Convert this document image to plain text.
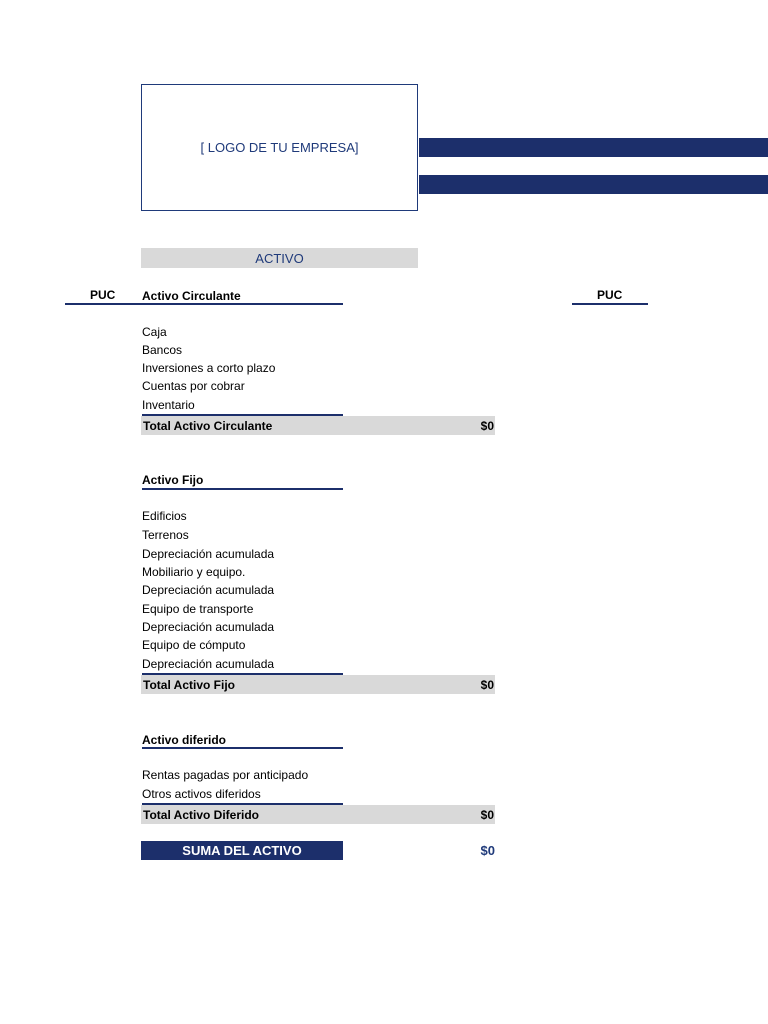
[ LOGO DE TU EMPRESA]
ACTIVO
PUC	PUC
Activo Circulante
Caja
Bancos
Inversiones a corto plazo
Cuentas por cobrar
Inventario
Total Activo Circulante	$0
Activo Fijo
Edificios
Terrenos
Depreciación acumulada
Mobiliario y equipo.
Depreciación acumulada
Equipo de transporte
Depreciación acumulada
Equipo de cómputo
Depreciación acumulada
Total Activo Fijo	$0
Activo diferido
Rentas pagadas por anticipado
Otros activos diferidos
Total Activo Diferido	$0
SUMA DEL ACTIVO	$0
